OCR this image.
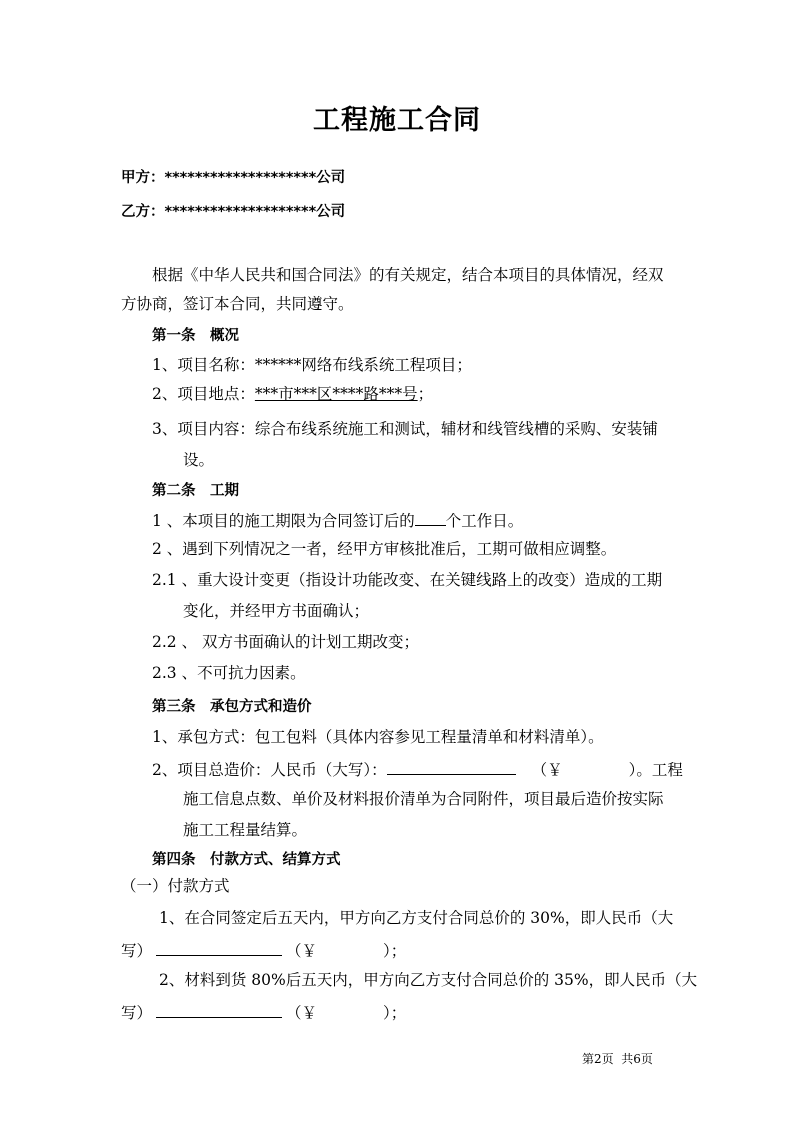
工程施工合同
甲方：********************公司
乙方：********************公司
根据《中华人民共和国合同法》的有关规定，结合本项目的具体情况，经双
方协商，签订本合同，共同遵守。
第一条　概况
1、项目名称：******网络布线系统工程项目；
2、项目地点：***市***区****路***号；
3、项目内容：综合布线系统施工和测试，辅材和线管线槽的采购、安装铺
设。
第二条　工期
1 、本项目的施工期限为合同签订后的 个工作日。
2 、遇到下列情况之一者，经甲方审核批准后，工期可做相应调整。
2.1 、重大设计变更（指设计功能改变、在关键线路上的改变）造成的工期
变化，并经甲方书面确认；
2.2 、 双方书面确认的计划工期改变；
2.3 、不可抗力因素。
第三条　承包方式和造价
1、承包方式：包工包料（具体内容参见工程量清单和材料清单）。
2、项目总造价：人民币（大写）：	（￥	）。工程
施工信息点数、单价及材料报价清单为合同附件，项目最后造价按实际
施工工程量结算。
第四条　付款方式、结算方式
（一）付款方式
1、在合同签定后五天内，甲方向乙方支付合同总价的 30%，即人民币（大
写）	（￥	）；
2、材料到货 80%后五天内，甲方向乙方支付合同总价的 35%，即人民币（大
写）	（￥	）；
第2页 共6页
